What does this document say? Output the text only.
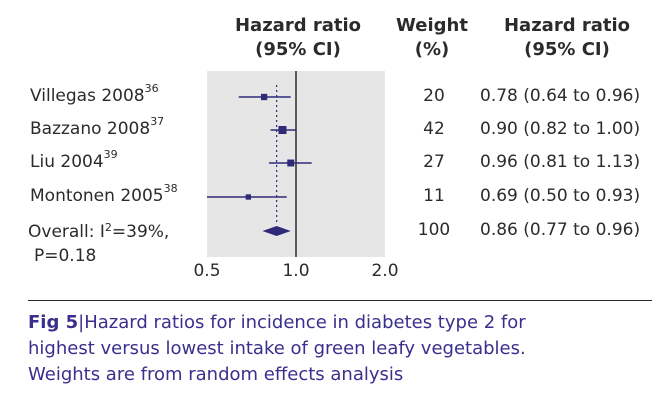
Hazard ratio
(95% CI)
Weight
(%)
Hazard ratio
(95% CI)
0.5	1.0	2.0
Villegas 2008$^{36}$
Bazzano 2008$^{37}$
Liu 2004$^{39}$
Montonen 2005$^{38}$
Overall: $I^2=39\%$,
P=0.18
20
42
27
11
100
0.78 (0.64 to 0.96)
0.90 (0.82 to 1.00)
0.96 (0.81 to 1.13)
0.69 (0.50 to 0.93)
0.86 (0.77 to 0.96)
Fig 5|Hazard ratios for incidence in diabetes type 2 for
highest versus lowest intake of green leafy vegetables.
Weights are from random effects analysis
